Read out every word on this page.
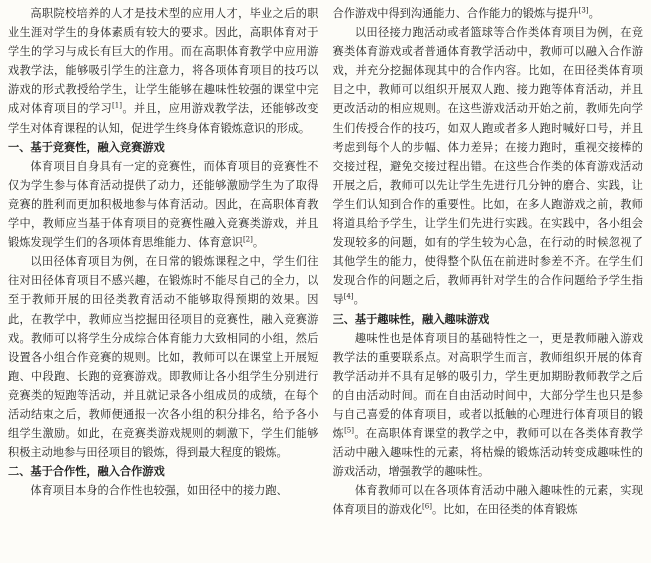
高职院校培养的人才是技术型的应用人才，毕业之后的职业生涯对学生的身体素质有较大的要求。因此，高职体育对于学生的学习与成长有巨大的作用。而在高职体育教学中应用游戏教学法，能够吸引学生的注意力，将各项体育项目的技巧以游戏的形式教授给学生，让学生能够在趣味性较强的课堂中完成对体育项目的学习[1]。并且，应用游戏教学法，还能够改变学生对体育课程的认知，促进学生终身体育锻炼意识的形成。

一、基于竞赛性，融入竞赛游戏

体育项目自身具有一定的竞赛性，而体育项目的竞赛性不仅为学生参与体育活动提供了动力，还能够激励学生为了取得竞赛的胜利而更加积极地参与体育活动。因此，在高职体育教学中，教师应当基于体育项目的竞赛性融入竞赛类游戏，并且锻炼发现学生们的各项体育思维能力、体育意识[2]。

以田径体育项目为例，在日常的锻炼课程之中，学生们往往对田径体育项目不感兴趣，在锻炼时不能尽自己的全力，以至于教师开展的田径类教育活动不能够取得预期的效果。因此，在教学中，教师应当挖掘田径项目的竞赛性，融入竞赛游戏。教师可以将学生分成综合体育能力大致相同的小组，然后设置各小组合作竞赛的规则。比如，教师可以在课堂上开展短跑、中段跑、长跑的竞赛游戏。即教师让各小组学生分别进行竞赛类的短跑等活动，并且就记录各小组成员的成绩，在每个活动结束之后，教师便通报一次各小组的积分排名，给予各小组学生激励。如此，在竞赛类游戏规则的刺激下，学生们能够积极主动地参与田径项目的锻炼，得到最大程度的锻炼。

二、基于合作性，融入合作游戏

体育项目本身的合作性也较强，如田径中的接力跑、

合作游戏中得到沟通能力、合作能力的锻炼与提升[3]。

以田径接力跑活动或者篮球等合作类体育项目为例，在竞赛类体育游戏或者普通体育教学活动中，教师可以融入合作游戏，并充分挖掘体现其中的合作内容。比如，在田径类体育项目之中，教师可以组织开展双人跑、接力跑等体育活动，并且更改活动的相应规则。在这些游戏活动开始之前，教师先向学生们传授合作的技巧，如双人跑或者多人跑时喊好口号，并且考虑到每个人的步幅、体力差异；在接力跑时，重视交接棒的交接过程，避免交接过程出错。在这些合作类的体育游戏活动开展之后，教师可以先让学生先进行几分钟的磨合、实践，让学生们认知到合作的重要性。比如，在多人跑游戏之前，教师将道具给予学生，让学生们先进行实践。在实践中，各小组会发现较多的问题，如有的学生较为心急，在行动的时候忽视了其他学生的能力，使得整个队伍在前进时参差不齐。在学生们发现合作的问题之后，教师再针对学生的合作问题给予学生指导[4]。

三、基于趣味性，融入趣味游戏

趣味性也是体育项目的基础特性之一，更是教师融入游戏教学法的重要联系点。对高职学生而言，教师组织开展的体育教学活动并不具有足够的吸引力，学生更加期盼教师教学之后的自由活动时间。而在自由活动时间中，大部分学生也只是参与自己喜爱的体育项目，或者以抵触的心理进行体育项目的锻炼[5]。在高职体育课堂的教学之中，教师可以在各类体育教学活动中融入趣味性的元素，将枯燥的锻炼活动转变成趣味性的游戏活动，增强教学的趣味性。

体育教师可以在各项体育活动中融入趣味性的元素，实现体育项目的游戏化[6]。比如，在田径类的体育锻炼
